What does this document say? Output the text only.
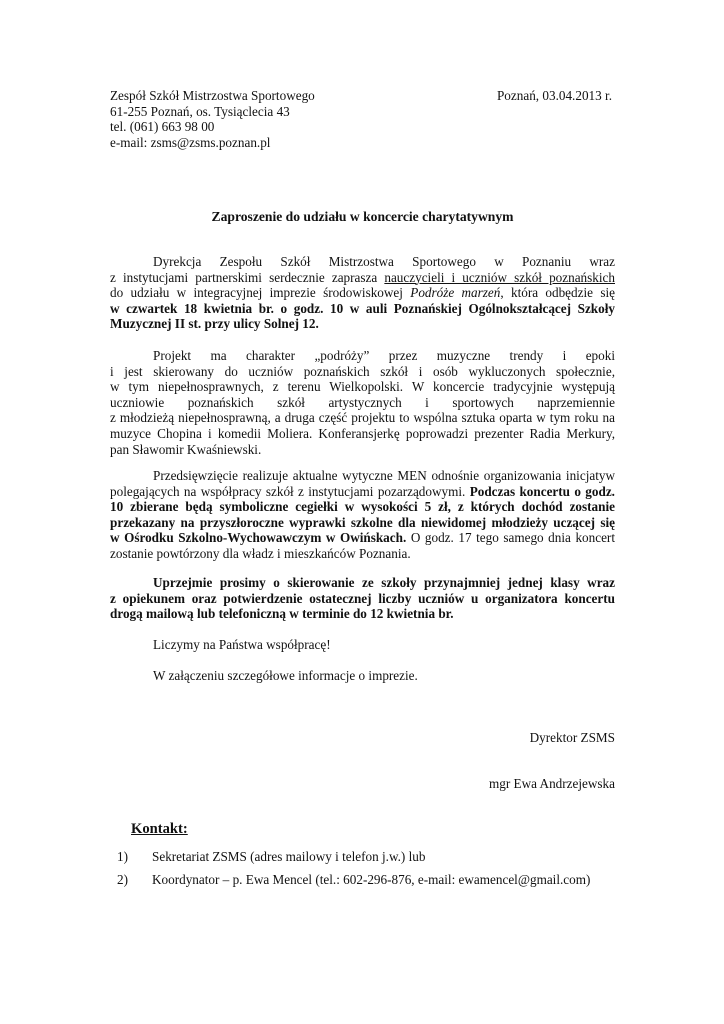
Zespół Szkół Mistrzostwa Sportowego
61-255 Poznań, os. Tysiąclecia 43
tel. (061) 663 98 00
e-mail: zsms@zsms.poznan.pl
Poznań, 03.04.2013 r.
Zaproszenie do udziału w koncercie charytatywnym
Dyrekcja Zespołu Szkół Mistrzostwa Sportowego w Poznaniu wraz
z instytucjami partnerskimi serdecznie zaprasza nauczycieli i uczniów szkół poznańskich
do udziału w integracyjnej imprezie środowiskowej Podróże marzeń, która odbędzie się
w czwartek 18 kwietnia br. o godz. 10 w auli Poznańskiej Ogólnokształcącej Szkoły
Muzycznej II st. przy ulicy Solnej 12.
Projekt ma charakter „podróży” przez muzyczne trendy i epoki
i jest skierowany do uczniów poznańskich szkół i osób wykluczonych społecznie,
w tym niepełnosprawnych, z terenu Wielkopolski. W koncercie tradycyjnie występują
uczniowie poznańskich szkół artystycznych i sportowych naprzemiennie
z młodzieżą niepełnosprawną, a druga część projektu to wspólna sztuka oparta w tym roku na
muzyce Chopina i komedii Moliera. Konferansjerkę poprowadzi prezenter Radia Merkury,
pan Sławomir Kwaśniewski.
Przedsięwzięcie realizuje aktualne wytyczne MEN odnośnie organizowania inicjatyw
polegających na współpracy szkół z instytucjami pozarządowymi. Podczas koncertu o godz.
10 zbierane będą symboliczne cegiełki w wysokości 5 zł, z których dochód zostanie
przekazany na przyszłoroczne wyprawki szkolne dla niewidomej młodzieży uczącej się
w Ośrodku Szkolno-Wychowawczym w Owińskach. O godz. 17 tego samego dnia koncert
zostanie powtórzony dla władz i mieszkańców Poznania.
Uprzejmie prosimy o skierowanie ze szkoły przynajmniej jednej klasy wraz
z opiekunem oraz potwierdzenie ostatecznej liczby uczniów u organizatora koncertu
drogą mailową lub telefoniczną w terminie do 12 kwietnia br.
Liczymy na Państwa współpracę!
W załączeniu szczegółowe informacje o imprezie.
Dyrektor ZSMS
mgr Ewa Andrzejewska
Kontakt:
1) Sekretariat ZSMS (adres mailowy i telefon j.w.) lub
2) Koordynator – p. Ewa Mencel (tel.: 602-296-876, e-mail: ewamencel@gmail.com)
